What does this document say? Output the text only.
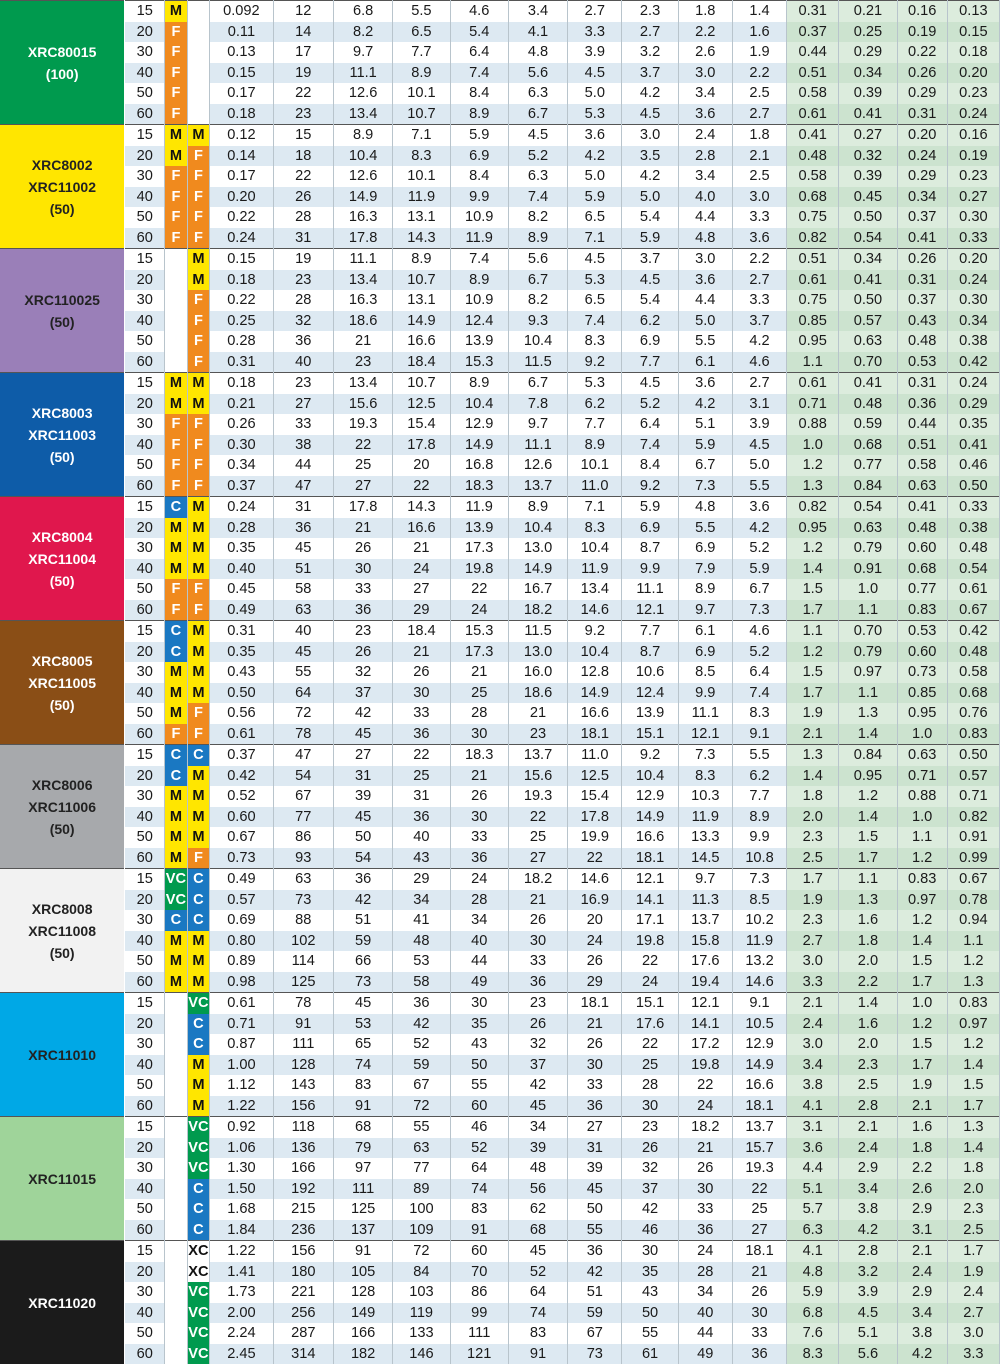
XRC80015
(100)	15	M		0.092	12	6.8	5.5	4.6	3.4	2.7	2.3	1.8	1.4	0.31	0.21	0.16	0.13
	20	F		0.11	14	8.2	6.5	5.4	4.1	3.3	2.7	2.2	1.6	0.37	0.25	0.19	0.15
	30	F		0.13	17	9.7	7.7	6.4	4.8	3.9	3.2	2.6	1.9	0.44	0.29	0.22	0.18
	40	F		0.15	19	11.1	8.9	7.4	5.6	4.5	3.7	3.0	2.2	0.51	0.34	0.26	0.20
	50	F		0.17	22	12.6	10.1	8.4	6.3	5.0	4.2	3.4	2.5	0.58	0.39	0.29	0.23
	60	F		0.18	23	13.4	10.7	8.9	6.7	5.3	4.5	3.6	2.7	0.61	0.41	0.31	0.24

XRC8002
XRC11002
(50)	15	M	M	0.12	15	8.9	7.1	5.9	4.5	3.6	3.0	2.4	1.8	0.41	0.27	0.20	0.16
	20	M	F	0.14	18	10.4	8.3	6.9	5.2	4.2	3.5	2.8	2.1	0.48	0.32	0.24	0.19
	30	F	F	0.17	22	12.6	10.1	8.4	6.3	5.0	4.2	3.4	2.5	0.58	0.39	0.29	0.23
	40	F	F	0.20	26	14.9	11.9	9.9	7.4	5.9	5.0	4.0	3.0	0.68	0.45	0.34	0.27
	50	F	F	0.22	28	16.3	13.1	10.9	8.2	6.5	5.4	4.4	3.3	0.75	0.50	0.37	0.30
	60	F	F	0.24	31	17.8	14.3	11.9	8.9	7.1	5.9	4.8	3.6	0.82	0.54	0.41	0.33

XRC110025
(50)	15		M	0.15	19	11.1	8.9	7.4	5.6	4.5	3.7	3.0	2.2	0.51	0.34	0.26	0.20
	20		M	0.18	23	13.4	10.7	8.9	6.7	5.3	4.5	3.6	2.7	0.61	0.41	0.31	0.24
	30		F	0.22	28	16.3	13.1	10.9	8.2	6.5	5.4	4.4	3.3	0.75	0.50	0.37	0.30
	40		F	0.25	32	18.6	14.9	12.4	9.3	7.4	6.2	5.0	3.7	0.85	0.57	0.43	0.34
	50		F	0.28	36	21	16.6	13.9	10.4	8.3	6.9	5.5	4.2	0.95	0.63	0.48	0.38
	60		F	0.31	40	23	18.4	15.3	11.5	9.2	7.7	6.1	4.6	1.1	0.70	0.53	0.42

XRC8003
XRC11003
(50)	15	M	M	0.18	23	13.4	10.7	8.9	6.7	5.3	4.5	3.6	2.7	0.61	0.41	0.31	0.24
	20	M	M	0.21	27	15.6	12.5	10.4	7.8	6.2	5.2	4.2	3.1	0.71	0.48	0.36	0.29
	30	F	F	0.26	33	19.3	15.4	12.9	9.7	7.7	6.4	5.1	3.9	0.88	0.59	0.44	0.35
	40	F	F	0.30	38	22	17.8	14.9	11.1	8.9	7.4	5.9	4.5	1.0	0.68	0.51	0.41
	50	F	F	0.34	44	25	20	16.8	12.6	10.1	8.4	6.7	5.0	1.2	0.77	0.58	0.46
	60	F	F	0.37	47	27	22	18.3	13.7	11.0	9.2	7.3	5.5	1.3	0.84	0.63	0.50

XRC8004
XRC11004
(50)	15	C	M	0.24	31	17.8	14.3	11.9	8.9	7.1	5.9	4.8	3.6	0.82	0.54	0.41	0.33
	20	M	M	0.28	36	21	16.6	13.9	10.4	8.3	6.9	5.5	4.2	0.95	0.63	0.48	0.38
	30	M	M	0.35	45	26	21	17.3	13.0	10.4	8.7	6.9	5.2	1.2	0.79	0.60	0.48
	40	M	M	0.40	51	30	24	19.8	14.9	11.9	9.9	7.9	5.9	1.4	0.91	0.68	0.54
	50	F	F	0.45	58	33	27	22	16.7	13.4	11.1	8.9	6.7	1.5	1.0	0.77	0.61
	60	F	F	0.49	63	36	29	24	18.2	14.6	12.1	9.7	7.3	1.7	1.1	0.83	0.67

XRC8005
XRC11005
(50)	15	C	M	0.31	40	23	18.4	15.3	11.5	9.2	7.7	6.1	4.6	1.1	0.70	0.53	0.42
	20	C	M	0.35	45	26	21	17.3	13.0	10.4	8.7	6.9	5.2	1.2	0.79	0.60	0.48
	30	M	M	0.43	55	32	26	21	16.0	12.8	10.6	8.5	6.4	1.5	0.97	0.73	0.58
	40	M	M	0.50	64	37	30	25	18.6	14.9	12.4	9.9	7.4	1.7	1.1	0.85	0.68
	50	M	F	0.56	72	42	33	28	21	16.6	13.9	11.1	8.3	1.9	1.3	0.95	0.76
	60	F	F	0.61	78	45	36	30	23	18.1	15.1	12.1	9.1	2.1	1.4	1.0	0.83

XRC8006
XRC11006
(50)	15	C	C	0.37	47	27	22	18.3	13.7	11.0	9.2	7.3	5.5	1.3	0.84	0.63	0.50
	20	C	M	0.42	54	31	25	21	15.6	12.5	10.4	8.3	6.2	1.4	0.95	0.71	0.57
	30	M	M	0.52	67	39	31	26	19.3	15.4	12.9	10.3	7.7	1.8	1.2	0.88	0.71
	40	M	M	0.60	77	45	36	30	22	17.8	14.9	11.9	8.9	2.0	1.4	1.0	0.82
	50	M	M	0.67	86	50	40	33	25	19.9	16.6	13.3	9.9	2.3	1.5	1.1	0.91
	60	M	F	0.73	93	54	43	36	27	22	18.1	14.5	10.8	2.5	1.7	1.2	0.99

XRC8008
XRC11008
(50)	15	VC	C	0.49	63	36	29	24	18.2	14.6	12.1	9.7	7.3	1.7	1.1	0.83	0.67
	20	VC	C	0.57	73	42	34	28	21	16.9	14.1	11.3	8.5	1.9	1.3	0.97	0.78
	30	C	C	0.69	88	51	41	34	26	20	17.1	13.7	10.2	2.3	1.6	1.2	0.94
	40	M	M	0.80	102	59	48	40	30	24	19.8	15.8	11.9	2.7	1.8	1.4	1.1
	50	M	M	0.89	114	66	53	44	33	26	22	17.6	13.2	3.0	2.0	1.5	1.2
	60	M	M	0.98	125	73	58	49	36	29	24	19.4	14.6	3.3	2.2	1.7	1.3

XRC11010	15		VC	0.61	78	45	36	30	23	18.1	15.1	12.1	9.1	2.1	1.4	1.0	0.83
	20		C	0.71	91	53	42	35	26	21	17.6	14.1	10.5	2.4	1.6	1.2	0.97
	30		C	0.87	111	65	52	43	32	26	22	17.2	12.9	3.0	2.0	1.5	1.2
	40		M	1.00	128	74	59	50	37	30	25	19.8	14.9	3.4	2.3	1.7	1.4
	50		M	1.12	143	83	67	55	42	33	28	22	16.6	3.8	2.5	1.9	1.5
	60		M	1.22	156	91	72	60	45	36	30	24	18.1	4.1	2.8	2.1	1.7

XRC11015	15		VC	0.92	118	68	55	46	34	27	23	18.2	13.7	3.1	2.1	1.6	1.3
	20		VC	1.06	136	79	63	52	39	31	26	21	15.7	3.6	2.4	1.8	1.4
	30		VC	1.30	166	97	77	64	48	39	32	26	19.3	4.4	2.9	2.2	1.8
	40		C	1.50	192	111	89	74	56	45	37	30	22	5.1	3.4	2.6	2.0
	50		C	1.68	215	125	100	83	62	50	42	33	25	5.7	3.8	2.9	2.3
	60		C	1.84	236	137	109	91	68	55	46	36	27	6.3	4.2	3.1	2.5

XRC11020	15		XC	1.22	156	91	72	60	45	36	30	24	18.1	4.1	2.8	2.1	1.7
	20		XC	1.41	180	105	84	70	52	42	35	28	21	4.8	3.2	2.4	1.9
	30		VC	1.73	221	128	103	86	64	51	43	34	26	5.9	3.9	2.9	2.4
	40		VC	2.00	256	149	119	99	74	59	50	40	30	6.8	4.5	3.4	2.7
	50		VC	2.24	287	166	133	111	83	67	55	44	33	7.6	5.1	3.8	3.0
	60		VC	2.45	314	182	146	121	91	73	61	49	36	8.3	5.6	4.2	3.3
